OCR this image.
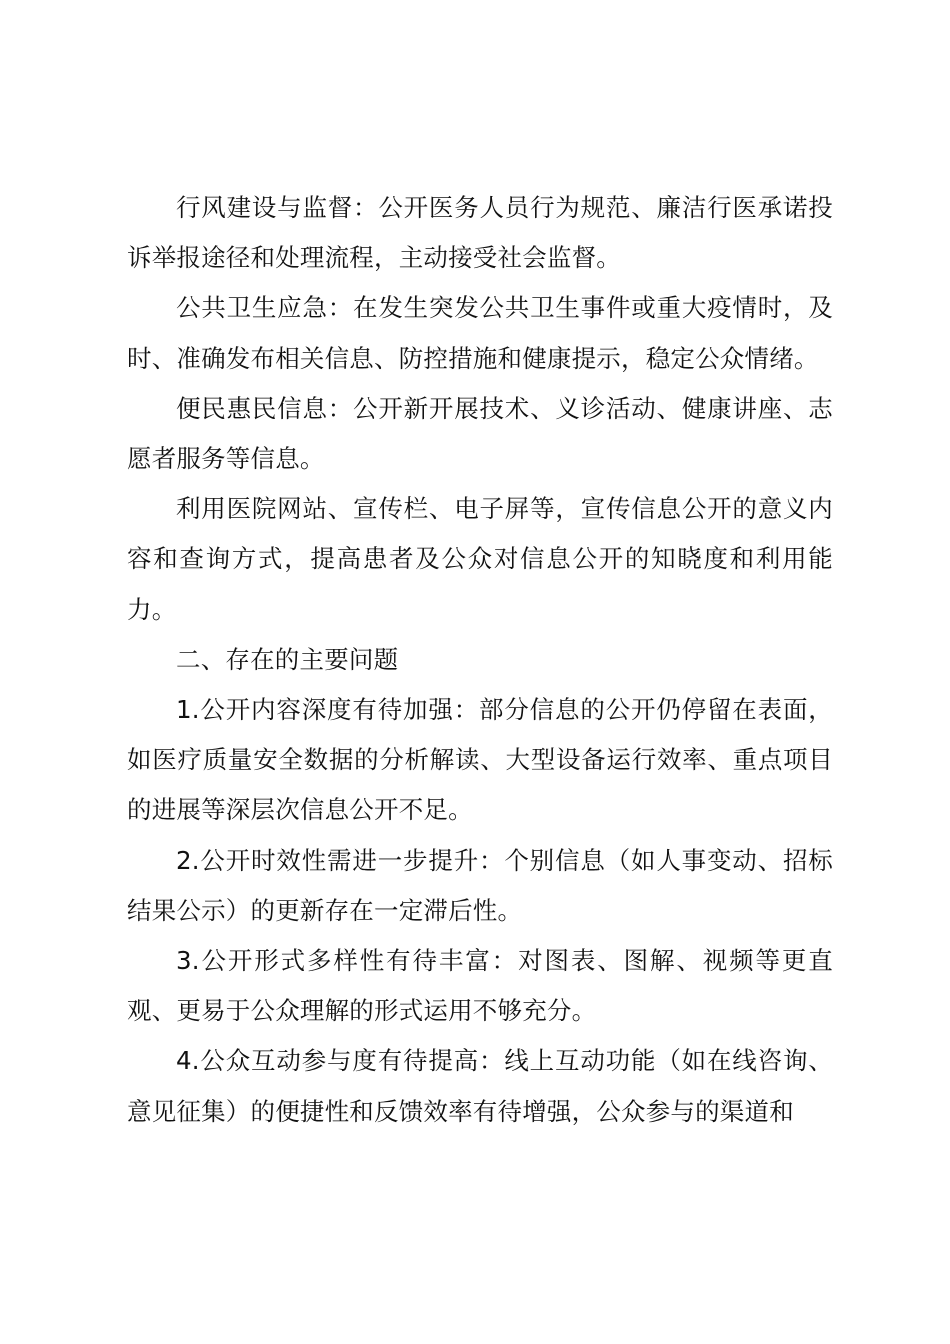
行风建设与监督：公开医务人员行为规范、廉洁行医承诺投诉举报途径和处理流程，主动接受社会监督。

公共卫生应急：在发生突发公共卫生事件或重大疫情时，及时、准确发布相关信息、防控措施和健康提示，稳定公众情绪。

便民惠民信息：公开新开展技术、义诊活动、健康讲座、志愿者服务等信息。

利用医院网站、宣传栏、电子屏等，宣传信息公开的意义内容和查询方式，提高患者及公众对信息公开的知晓度和利用能力。

二、存在的主要问题

1.公开内容深度有待加强：部分信息的公开仍停留在表面，如医疗质量安全数据的分析解读、大型设备运行效率、重点项目的进展等深层次信息公开不足。

2.公开时效性需进一步提升：个别信息（如人事变动、招标结果公示）的更新存在一定滞后性。

3.公开形式多样性有待丰富：对图表、图解、视频等更直观、更易于公众理解的形式运用不够充分。

4.公众互动参与度有待提高：线上互动功能（如在线咨询、意见征集）的便捷性和反馈效率有待增强，公众参与的渠道和
